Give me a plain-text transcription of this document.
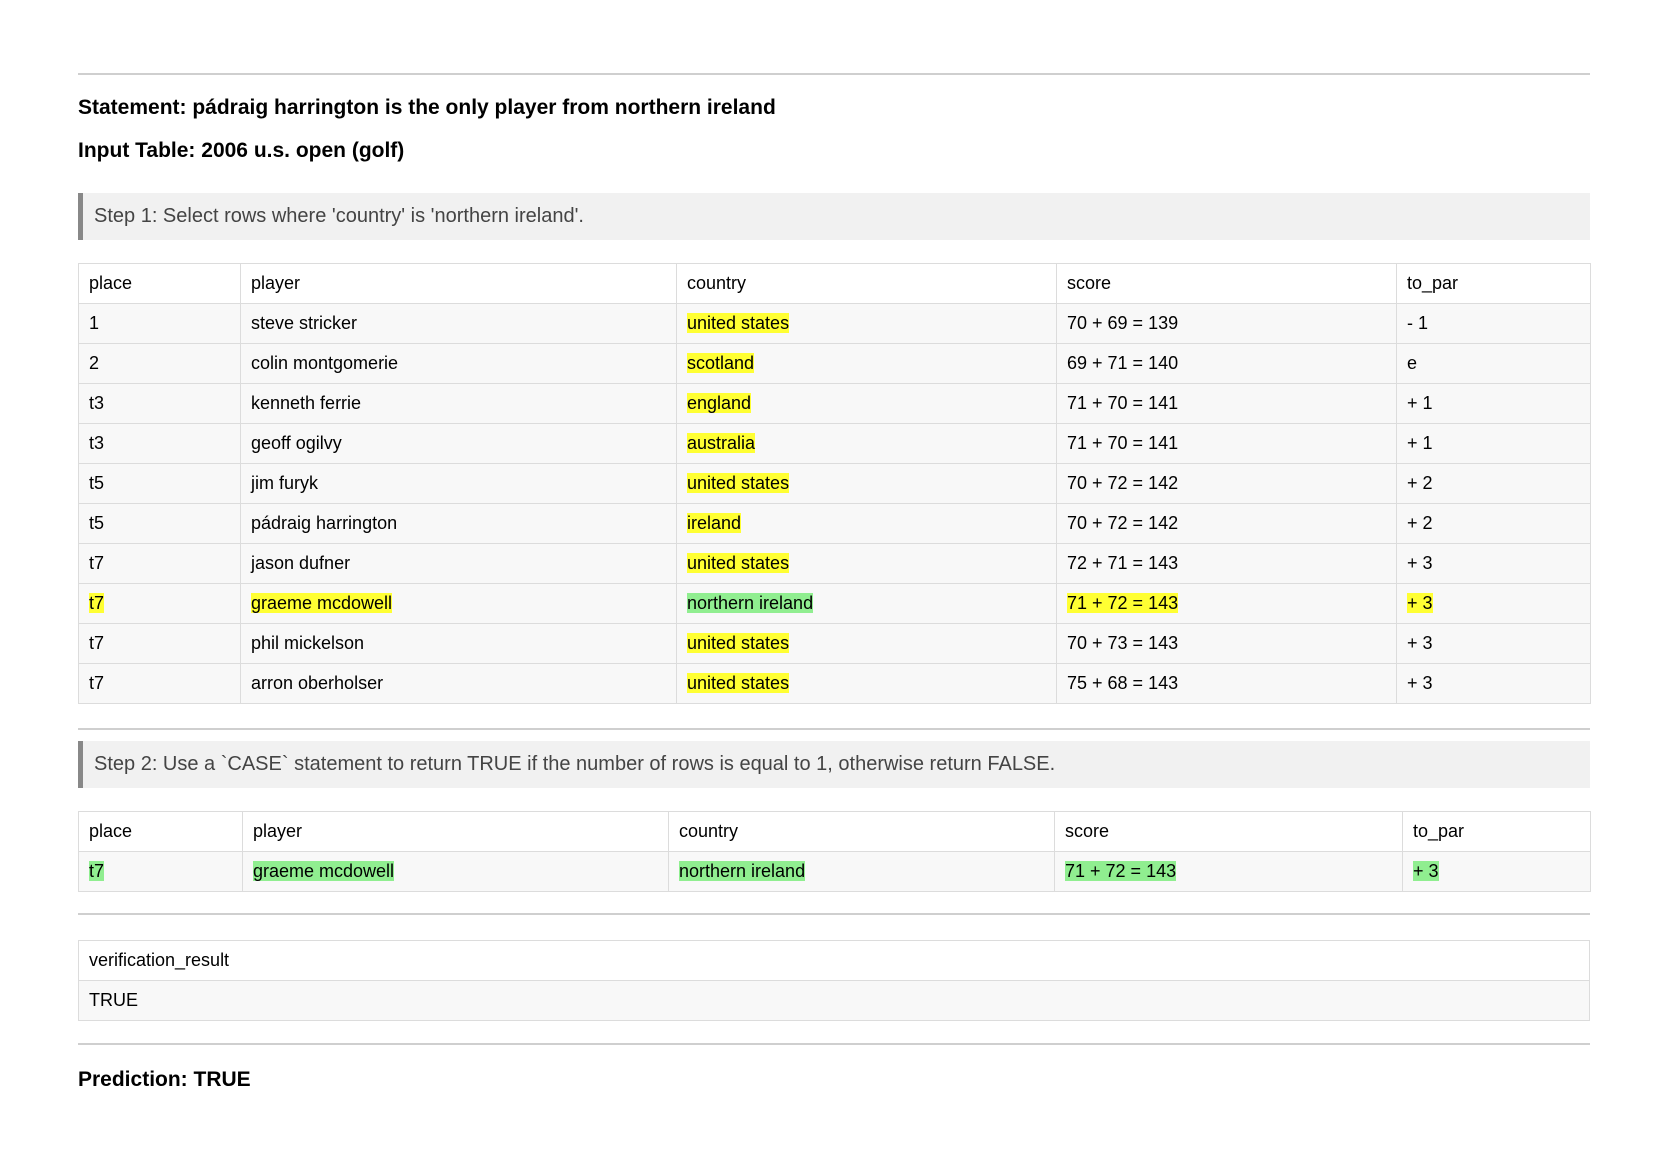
Statement: pádraig harrington is the only player from northern ireland
Input Table: 2006 u.s. open (golf)
Step 1: Select rows where 'country' is 'northern ireland'.
place	player	country	score	to_par
1	steve stricker	united states	70 + 69 = 139	- 1
2	colin montgomerie	scotland	69 + 71 = 140	e
t3	kenneth ferrie	england	71 + 70 = 141	+ 1
t3	geoff ogilvy	australia	71 + 70 = 141	+ 1
t5	jim furyk	united states	70 + 72 = 142	+ 2
t5	pádraig harrington	ireland	70 + 72 = 142	+ 2
t7	jason dufner	united states	72 + 71 = 143	+ 3
t7	graeme mcdowell	northern ireland	71 + 72 = 143	+ 3
t7	phil mickelson	united states	70 + 73 = 143	+ 3
t7	arron oberholser	united states	75 + 68 = 143	+ 3
Step 2: Use a `CASE` statement to return TRUE if the number of rows is equal to 1, otherwise return FALSE.
place	player	country	score	to_par
t7	graeme mcdowell	northern ireland	71 + 72 = 143	+ 3
verification_result
TRUE
Prediction: TRUE
